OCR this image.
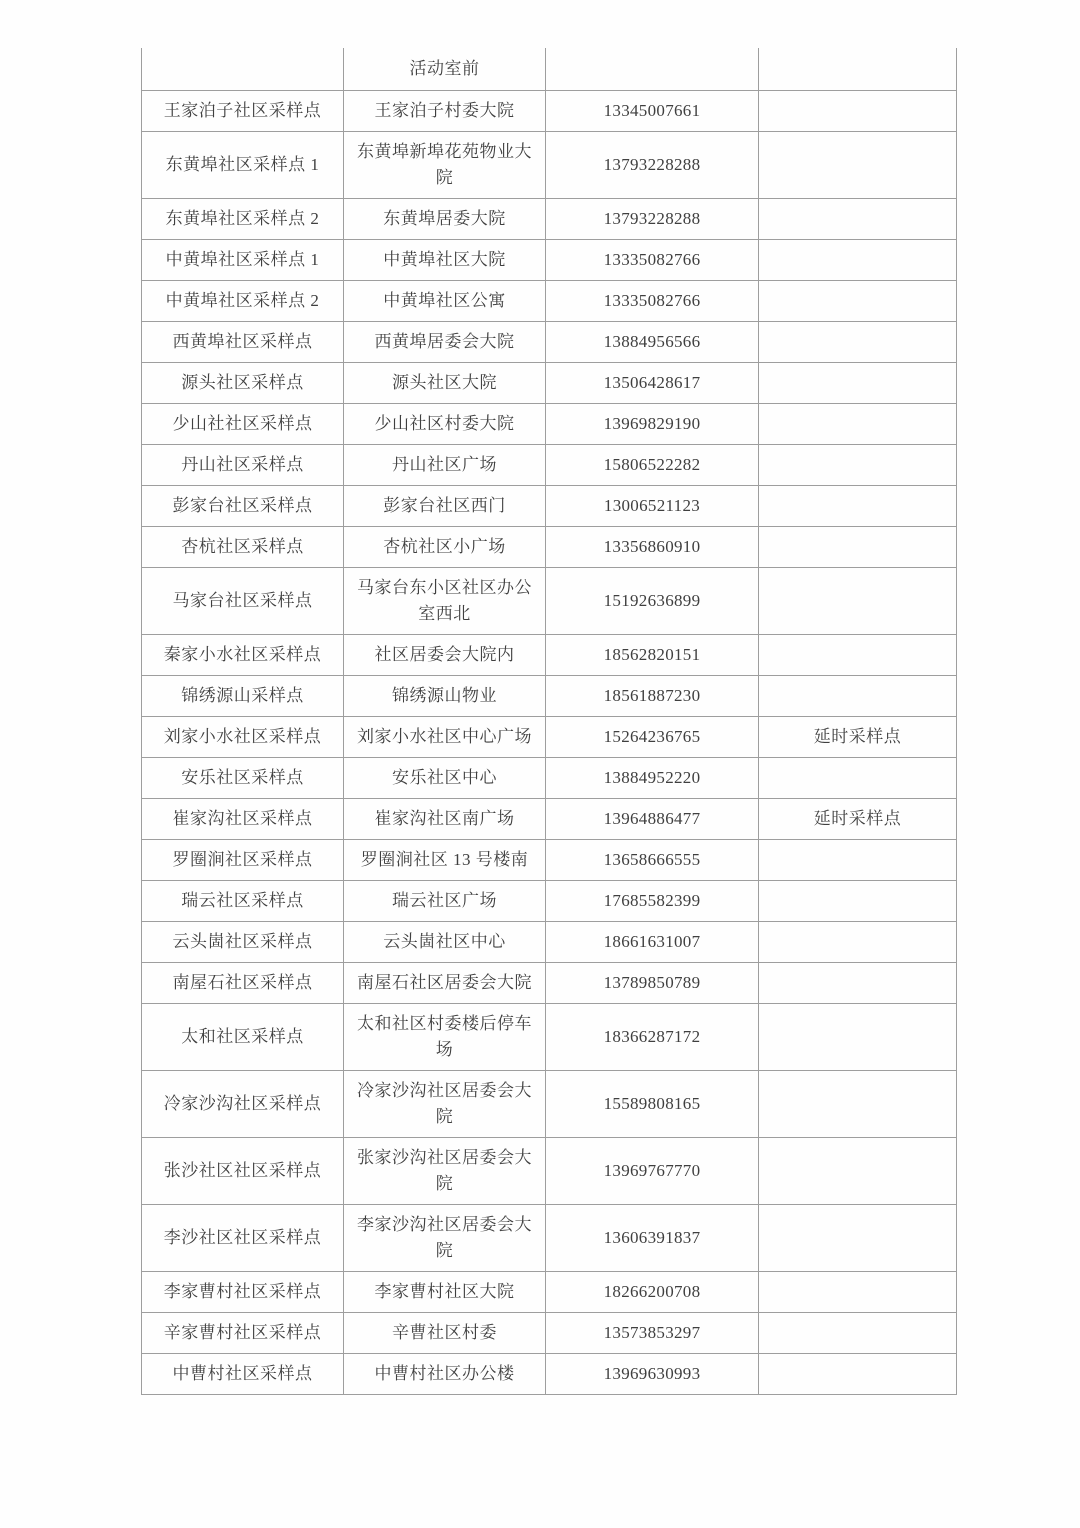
	活动室前		
王家泊子社区采样点	王家泊子村委大院	13345007661	
东黄埠社区采样点 1	东黄埠新埠花苑物业大院	13793228288	
东黄埠社区采样点 2	东黄埠居委大院	13793228288	
中黄埠社区采样点 1	中黄埠社区大院	13335082766	
中黄埠社区采样点 2	中黄埠社区公寓	13335082766	
西黄埠社区采样点	西黄埠居委会大院	13884956566	
源头社区采样点	源头社区大院	13506428617	
少山社社区采样点	少山社区村委大院	13969829190	
丹山社区采样点	丹山社区广场	15806522282	
彭家台社区采样点	彭家台社区西门	13006521123	
杏杭社区采样点	杏杭社区小广场	13356860910	
马家台社区采样点	马家台东小区社区办公室西北	15192636899	
秦家小水社区采样点	社区居委会大院内	18562820151	
锦绣源山采样点	锦绣源山物业	18561887230	
刘家小水社区采样点	刘家小水社区中心广场	15264236765	延时采样点
安乐社区采样点	安乐社区中心	13884952220	
崔家沟社区采样点	崔家沟社区南广场	13964886477	延时采样点
罗圈涧社区采样点	罗圈涧社区 13 号楼南	13658666555	
瑞云社区采样点	瑞云社区广场	17685582399	
云头崮社区采样点	云头崮社区中心	18661631007	
南屋石社区采样点	南屋石社区居委会大院	13789850789	
太和社区采样点	太和社区村委楼后停车场	18366287172	
冷家沙沟社区采样点	冷家沙沟社区居委会大院	15589808165	
张沙社区社区采样点	张家沙沟社区居委会大院	13969767770	
李沙社区社区采样点	李家沙沟社区居委会大院	13606391837	
李家曹村社区采样点	李家曹村社区大院	18266200708	
辛家曹村社区采样点	辛曹社区村委	13573853297	
中曹村社区采样点	中曹村社区办公楼	13969630993	
